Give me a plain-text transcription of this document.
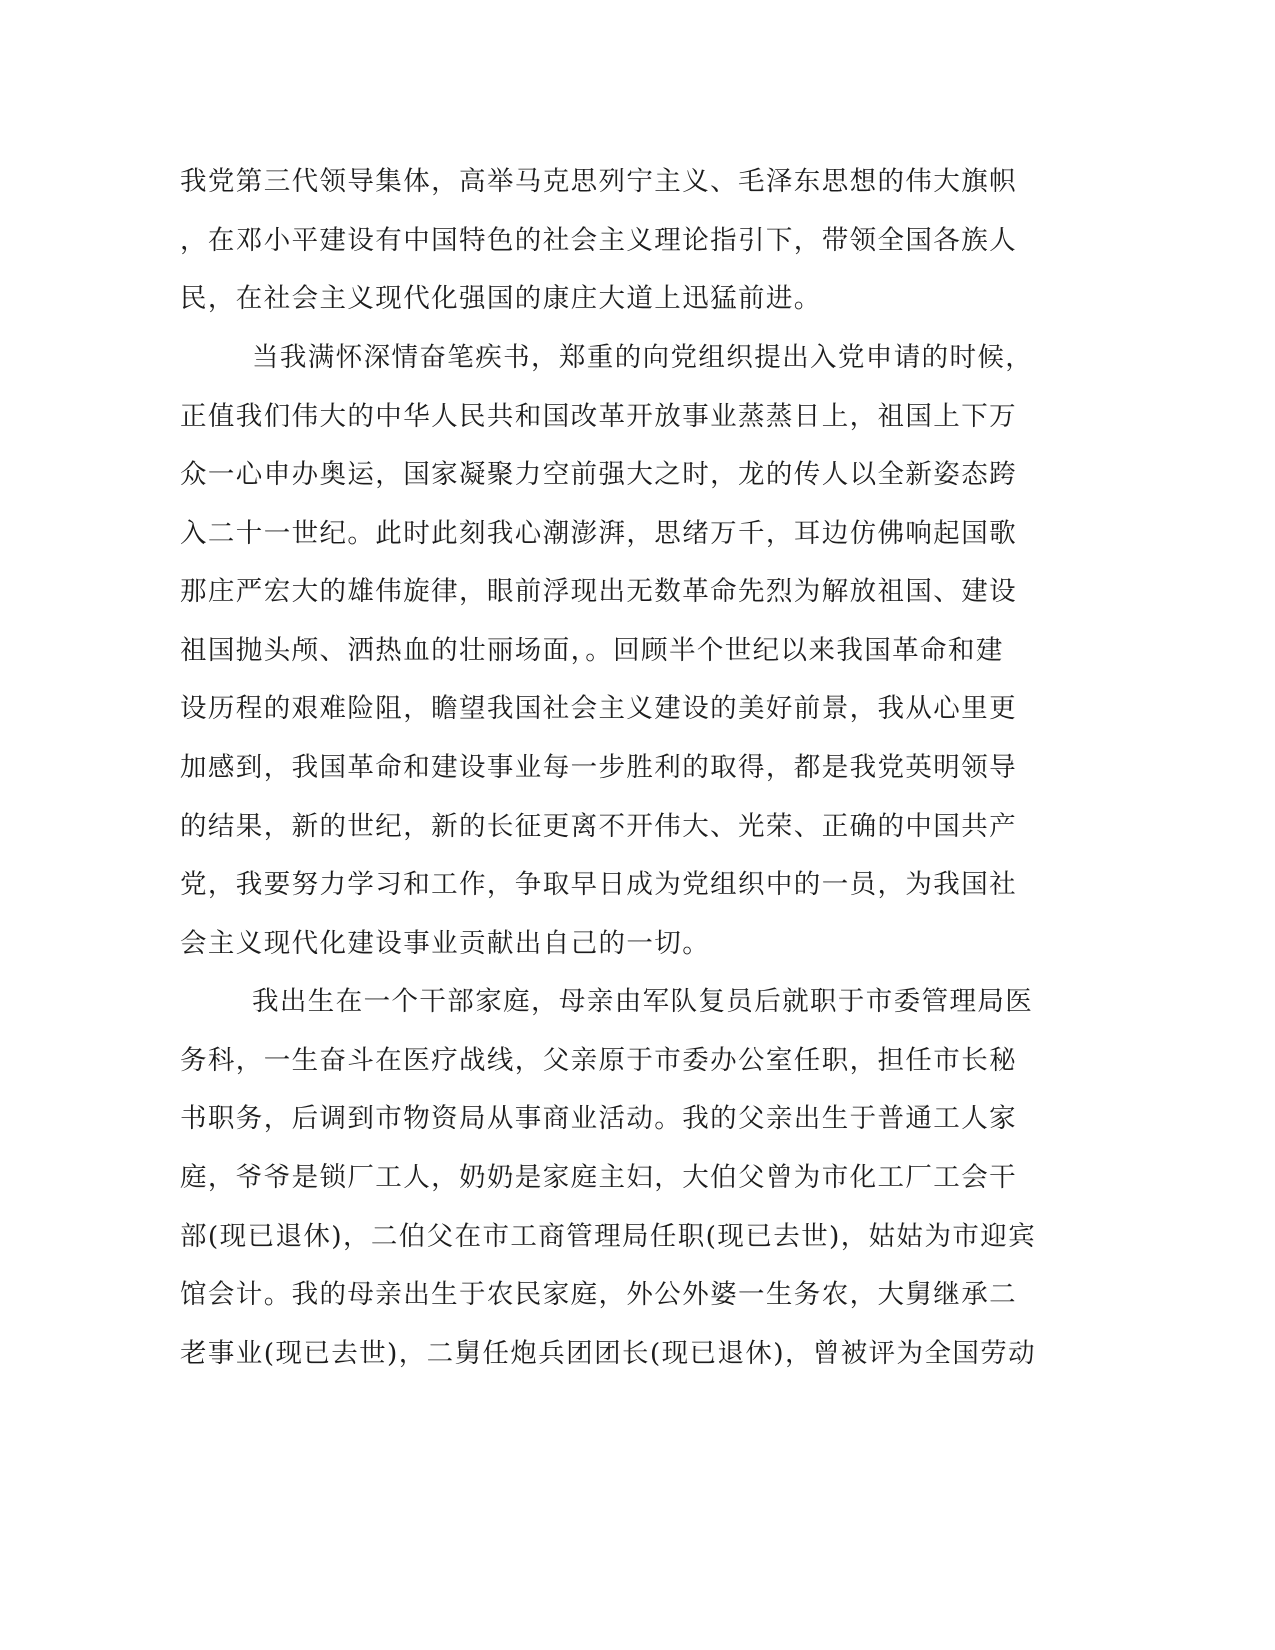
我党第三代领导集体，高举马克思列宁主义、毛泽东思想的伟大旗帜
，在邓小平建设有中国特色的社会主义理论指引下，带领全国各族人
民，在社会主义现代化强国的康庄大道上迅猛前进。
当我满怀深情奋笔疾书，郑重的向党组织提出入党申请的时候，
正值我们伟大的中华人民共和国改革开放事业蒸蒸日上，祖国上下万
众一心申办奥运，国家凝聚力空前强大之时，龙的传人以全新姿态跨
入二十一世纪。此时此刻我心潮澎湃，思绪万千，耳边仿佛响起国歌
那庄严宏大的雄伟旋律，眼前浮现出无数革命先烈为解放祖国、建设
祖国抛头颅、洒热血的壮丽场面，。回顾半个世纪以来我国革命和建
设历程的艰难险阻，瞻望我国社会主义建设的美好前景，我从心里更
加感到，我国革命和建设事业每一步胜利的取得，都是我党英明领导
的结果，新的世纪，新的长征更离不开伟大、光荣、正确的中国共产
党，我要努力学习和工作，争取早日成为党组织中的一员，为我国社
会主义现代化建设事业贡献出自己的一切。
我出生在一个干部家庭，母亲由军队复员后就职于市委管理局医
务科，一生奋斗在医疗战线，父亲原于市委办公室任职，担任市长秘
书职务，后调到市物资局从事商业活动。我的父亲出生于普通工人家
庭，爷爷是锁厂工人，奶奶是家庭主妇，大伯父曾为市化工厂工会干
部(现已退休)，二伯父在市工商管理局任职(现已去世)，姑姑为市迎宾
馆会计。我的母亲出生于农民家庭，外公外婆一生务农，大舅继承二
老事业(现已去世)，二舅任炮兵团团长(现已退休)，曾被评为全国劳动
